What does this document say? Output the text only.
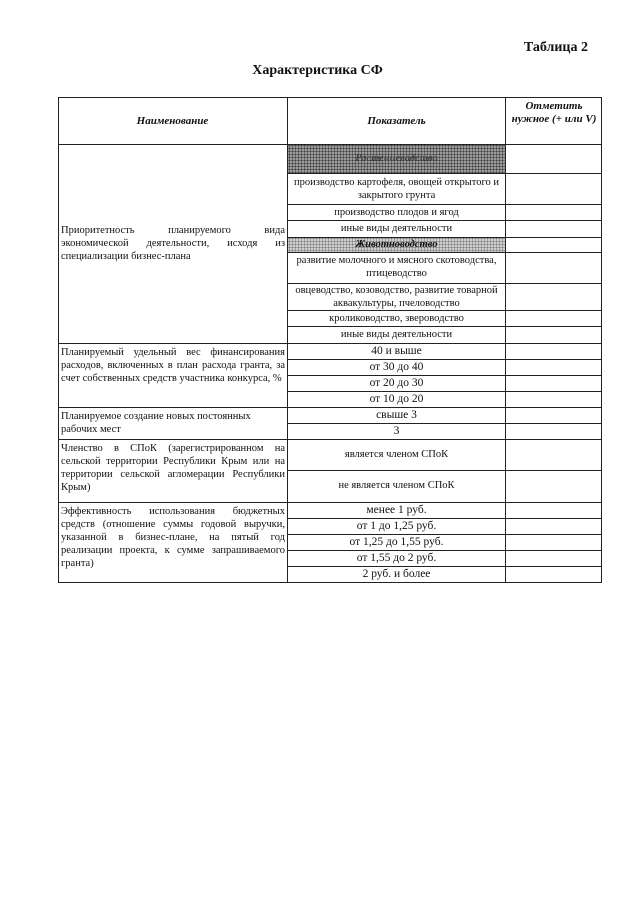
Таблица 2
Характеристика СФ
Наименование	Показатель
Отметить нужное (+ или V)
Приоритетность планируемого вида экономической деятельности, исходя из специализации бизнес-плана
Растениеводство
производство картофеля, овощей открытого и закрытого грунта
производство плодов и ягод
иные виды деятельности
Животноводство
развитие молочного и мясного скотоводства, птицеводство
овцеводство, козоводство, развитие товарной аквакультуры, пчеловодство
кролиководство, звероводство
иные виды деятельности
Планируемый удельный вес финансирования расходов, включенных в план расхода гранта, за счет собственных средств участника конкурса, %
40 и выше
от 30 до 40
от 20 до 30
от 10 до 20
Планируемое создание новых постоянных рабочих мест
свыше 3
3
Членство в СПоК (зарегистрированном на сельской территории Республики Крым или на территории сельской агломерации Республики Крым)
является членом СПоК
не является членом СПоК
Эффективность использования бюджетных средств (отношение суммы годовой выручки, указанной в бизнес-плане, на пятый год реализации проекта, к сумме запрашиваемого гранта)
менее 1 руб.
от 1 до 1,25 руб.
от 1,25 до 1,55 руб.
от 1,55 до 2 руб.
2 руб. и более
